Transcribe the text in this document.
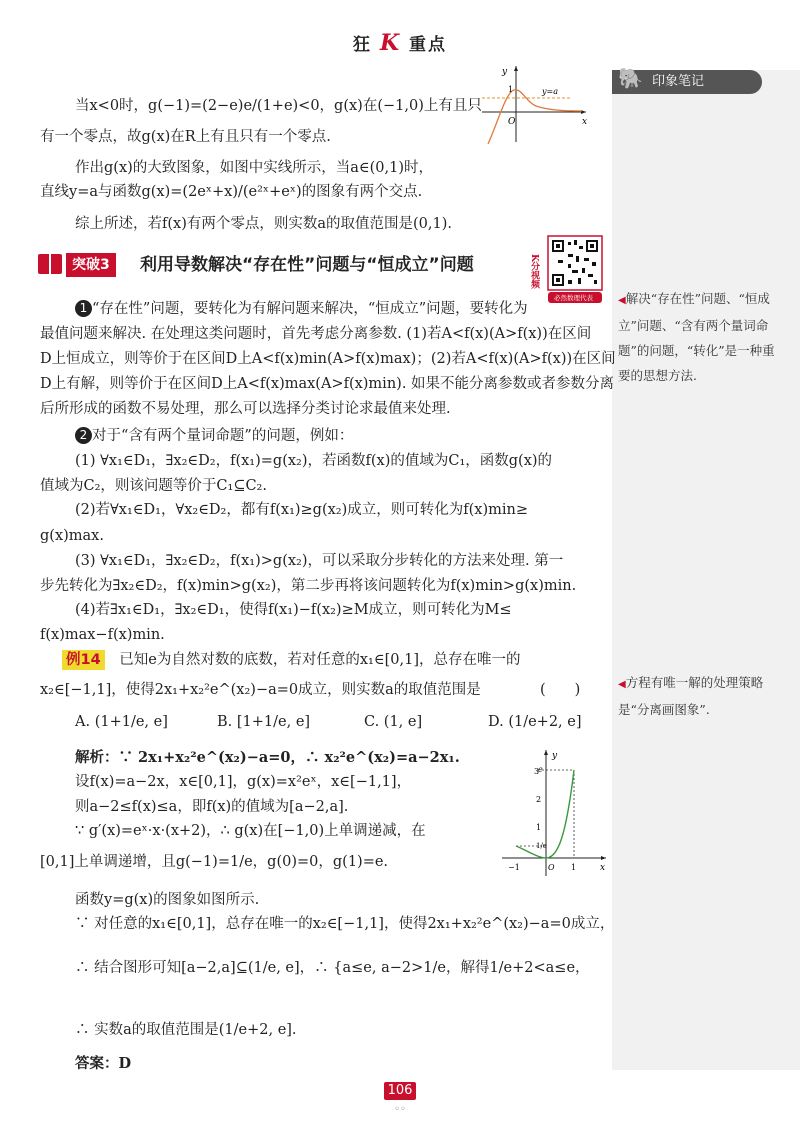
狂 K 重点
🐘 印象笔记
◀解决“存在性”问题、“恒成立”问题、“含有两个量词命题”的问题，“转化”是一种重要的思想方法.
◀方程有唯一解的处理策略是“分离画图象”.
当x<0时，g(−1)=(2−e)e/(1+e)<0，g(x)在(−1,0)上有且只
有一个零点，故g(x)在R上有且只有一个零点.
作出g(x)的大致图象，如图中实线所示，当a∈(0,1)时，
直线y=a与函数g(x)=(2eˣ+x)/(e²ˣ+eˣ)的图象有两个交点.
综上所述，若f(x)有两个零点，则实数a的取值范围是(0,1).
y
x
O
1	y=a
突破3	利用导数解决“存在性”问题与“恒成立”问题	K分视频
必然数理代表
1 “存在性”问题，要转化为有解问题来解决，“恒成立”问题，要转化为
最值问题来解决. 在处理这类问题时，首先考虑分离参数. (1)若A<f(x)(A>f(x))在区间
D上恒成立，则等价于在区间D上A<f(x)min(A>f(x)max)；(2)若A<f(x)(A>f(x))在区间
D上有解，则等价于在区间D上A<f(x)max(A>f(x)min). 如果不能分离参数或者参数分离
后所形成的函数不易处理，那么可以选择分类讨论求最值来处理.
2 对于“含有两个量词命题”的问题，例如：
(1) ∀x₁∈D₁，∃x₂∈D₂，f(x₁)=g(x₂)，若函数f(x)的值域为C₁，函数g(x)的
值域为C₂，则该问题等价于C₁⊆C₂.
(2)若∀x₁∈D₁，∀x₂∈D₂，都有f(x₁)≥g(x₂)成立，则可转化为f(x)min≥
g(x)max.
(3) ∀x₁∈D₁，∃x₂∈D₂，f(x₁)>g(x₂)，可以采取分步转化的方法来处理. 第一
步先转化为∃x₂∈D₂，f(x)min>g(x₂)，第二步再将该问题转化为f(x)min>g(x)min.
(4)若∃x₁∈D₁，∃x₂∈D₁，使得f(x₁)−f(x₂)≥M成立，则可转化为M≤
f(x)max−f(x)min.
例14 已知e为自然对数的底数，若对任意的x₁∈[0,1]，总存在唯一的
x₂∈[−1,1]，使得2x₁+x₂²e^(x₂)−a=0成立，则实数a的取值范围是	(　　)
A. (1+1/e, e]	B. [1+1/e, e]	C. (1, e]	D. (1/e+2, e]
解析：∵ 2x₁+x₂²e^(x₂)−a=0，∴ x₂²e^(x₂)=a−2x₁.
设f(x)=a−2x，x∈[0,1]，g(x)=x²eˣ，x∈[−1,1]，
则a−2≤f(x)≤a，即f(x)的值域为[a−2,a].
∵ g′(x)=eˣ·x·(x+2)，∴ g(x)在[−1,0)上单调递减，在
[0,1]上单调递增，且g(−1)=1/e，g(0)=0，g(1)=e.
函数y=g(x)的图象如图所示.
∵ 对任意的x₁∈[0,1]，总存在唯一的x₂∈[−1,1]，使得2x₁+x₂²e^(x₂)−a=0成立，
∴ 结合图形可知[a−2,a]⊆(1/e, e]，∴ {a≤e, a−2>1/e，解得1/e+2<a≤e，
∴ 实数a的取值范围是(1/e+2, e].
答案：D
y
x
O
3
e
2
1
1/e
−1	1
106
◦◦
